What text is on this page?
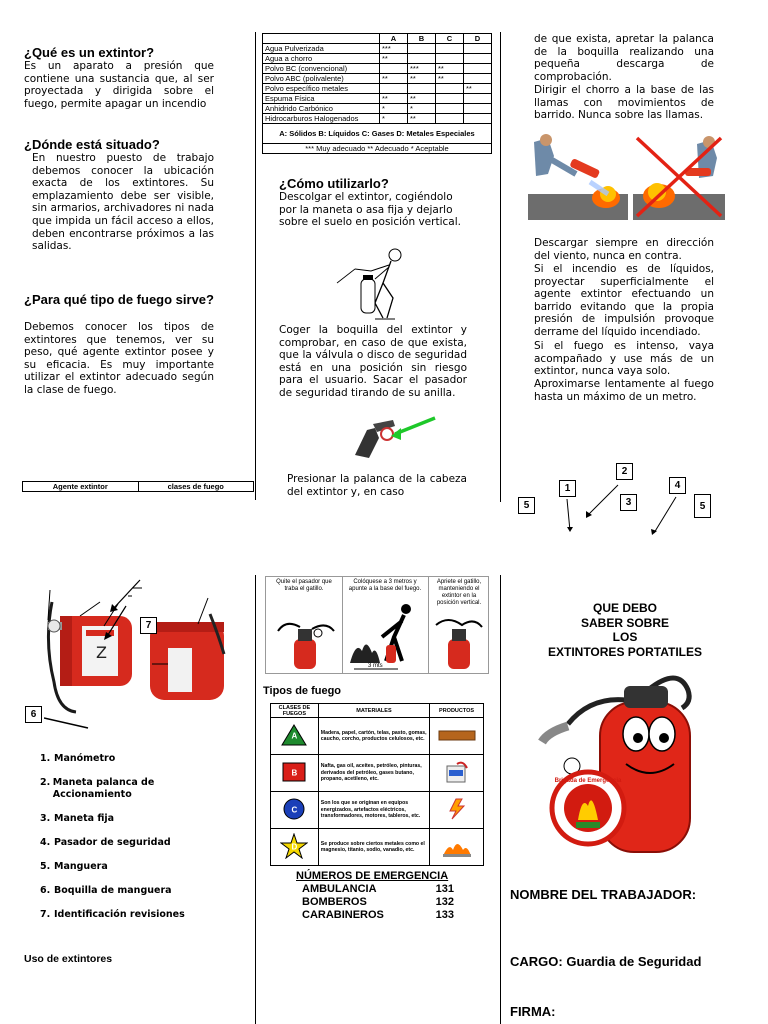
¿Qué es un extintor?
Es un aparato a presión que contiene una sustancia que, al ser proyectada y dirigida sobre el fuego, permite apagar un incendio
¿Dónde está situado?
En nuestro puesto de trabajo debemos conocer la ubicación exacta de los extintores. Su emplazamiento debe ser visible, sin armarios, archivadores ni nada que impida un fácil acceso a ellos, deben encontrarse próximos a las salidas.
¿Para qué tipo de fuego sirve?
Debemos conocer los tipos de extintores que tenemos, ver su peso, qué agente extintor posee y su eficacia. Es muy importante utilizar el extintor adecuado según la clase de fuego.
Agente extintor	clases de fuego
	A	B	C	D
Agua Pulverizada	***			
Agua a chorro	**			
Polvo BC (convencional)		***	**	
Polvo ABC (polivalente)	**	**	**	
Polvo específico metales				**
Espuma Física	**	**		
Anhidrido Carbónico	*	*		
Hidrocarburos Halogenados	*	**		
A: Sólidos B: Líquidos C: Gases D: Metales Especiales				
*** Muy adecuado ** Adecuado * Aceptable				
¿Cómo utilizarlo?
Descolgar el extintor, cogiéndolo por la maneta o asa fija y dejarlo sobre el suelo en posición vertical.
Coger la boquilla del extintor y comprobar, en caso de que exista, que la válvula o disco de seguridad está en una posición sin riesgo para el usuario. Sacar el pasador de seguridad tirando de su anilla.
Presionar la palanca de la cabeza del extintor y, en caso
de que exista, apretar la palanca de la boquilla realizando una pequeña descarga de comprobación.
Dirigir el chorro a la base de las llamas con movimientos de barrido. Nunca sobre las llamas.
Descargar siempre en dirección del viento, nunca en contra.
Si el incendio es de líquidos, proyectar superficialmente el agente extintor efectuando un barrido evitando que la propia presión de impulsión provoque derrame del líquido incendiado.
Si el fuego es intenso, vaya acompañado y use más de un extintor, nunca vaya solo.
Aproximarse lentamente al fuego hasta un máximo de un metro.
1
2
3
4
5	5
Z
7
6
1. Manómetro
2. Maneta palanca de Accionamiento
3. Maneta fija
4. Pasador de seguridad
5. Manguera
6. Boquilla de manguera
7. Identificación revisiones
Uso de extintores
Quite el pasador que traba el gatillo.
Colóquese a 3 metros y apunte a la base del fuego.
Apriete el gatillo, manteniendo el extintor en la posición vertical.
3 mts
Tipos de fuego
CLASES DE FUEGOS	MATERIALES	PRODUCTOS

A	Madera, papel, cartón, telas, pasto, gomas, caucho, corcho, productos celulosos, etc.	

B	Nafta, gas oil, aceites, petróleo, pinturas, derivados del petróleo, gases butano, propano, acetileno, etc.	

C	Son los que se originan en equipos energizados, artefactos eléctricos, transformadores, motores, tableros, etc.	

D	Se produce sobre ciertos metales como el magnesio, titanio, sodio, vanadio, etc.	
NÚMEROS DE EMERGENCIA
AMBULANCIA	131
BOMBEROS	132
CARABINEROS	133
QUE DEBO
SABER SOBRE
LOS
EXTINTORES PORTATILES
Brigada de Emergencia
NOMBRE DEL TRABAJADOR:
CARGO: Guardia de Seguridad
FIRMA:
